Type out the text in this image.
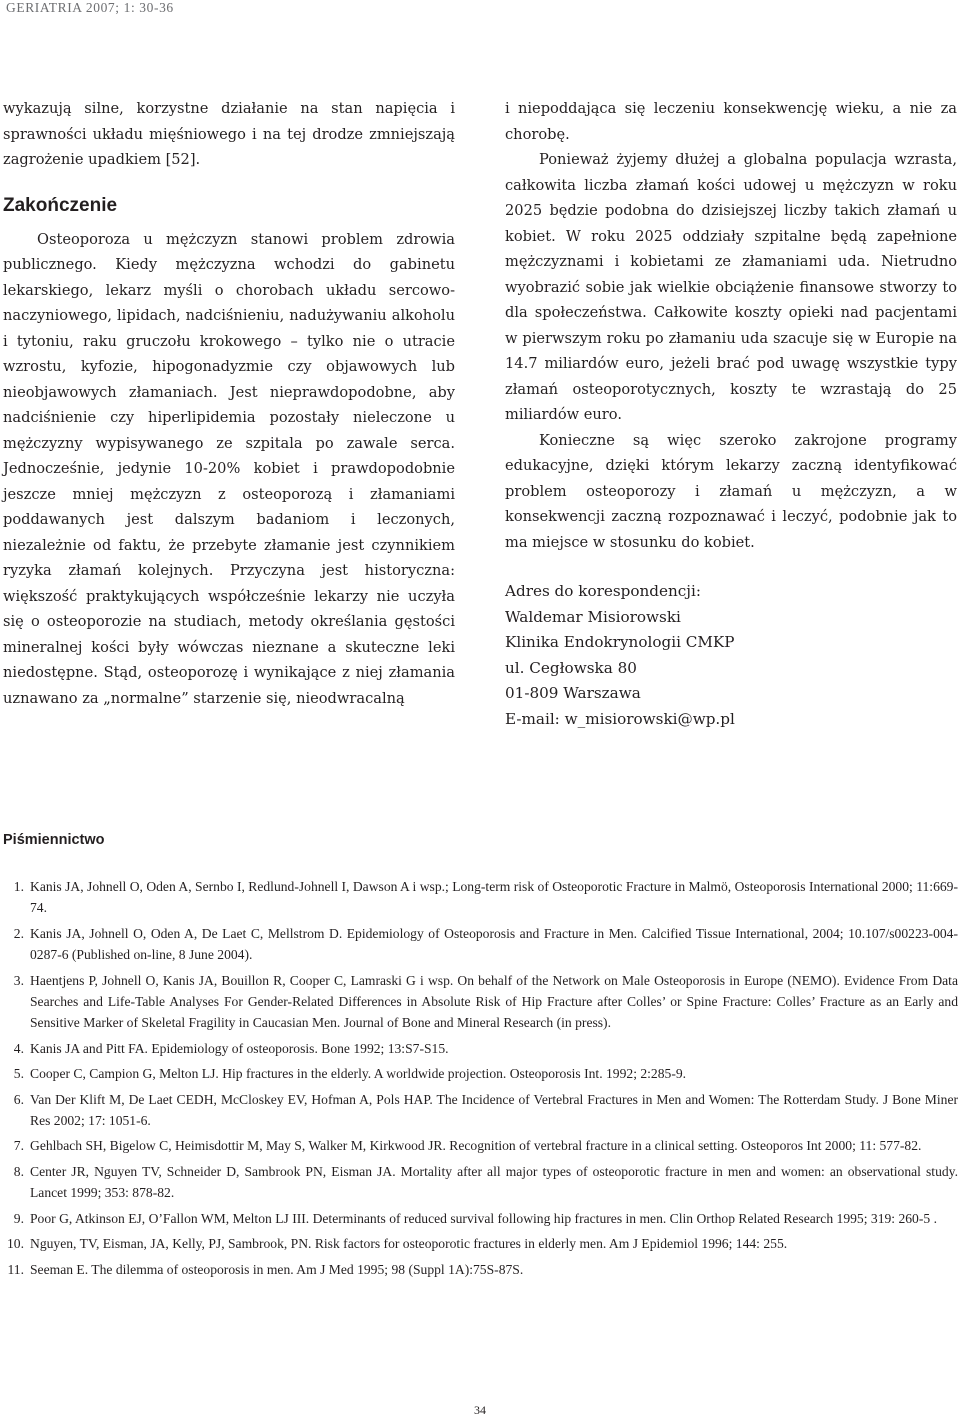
GERIATRIA 2007; 1: 30-36

wykazują silne, korzystne działanie na stan napięcia i sprawności układu mięśniowego i na tej drodze zmniejszają zagrożenie upadkiem [52].

Zakończenie

Osteoporoza u mężczyzn stanowi problem zdrowia publicznego. Kiedy mężczyzna wchodzi do gabinetu lekarskiego, lekarz myśli o chorobach układu sercowonaczyniowego, lipidach, nadciśnieniu, nadużywaniu alkoholu i tytoniu, raku gruczołu krokowego – tylko nie o utracie wzrostu, kyfozie, hipogonadyzmie czy objawowych lub nieobjawowych złamaniach. Jest nieprawdopodobne, aby nadciśnienie czy hiperlipidemia pozostały nieleczone u mężczyzny wypisywanego ze szpitala po zawale serca. Jednocześnie, jedynie 10-20% kobiet i prawdopodobnie jeszcze mniej mężczyzn z osteoporozą i złamaniami poddawanych jest dalszym badaniom i leczonych, niezależnie od faktu, że przebyte złamanie jest czynnikiem ryzyka złamań kolejnych. Przyczyna jest historyczna: większość praktykujących współcześnie lekarzy nie uczyła się o osteoporozie na studiach, metody określania gęstości mineralnej kości były wówczas nieznane a skuteczne leki niedostępne. Stąd, osteoporozę i wynikające z niej złamania uznawano za „normalne” starzenie się, nieodwracalną

i niepoddająca się leczeniu konsekwencję wieku, a nie za chorobę.

Ponieważ żyjemy dłużej a globalna populacja wzrasta, całkowita liczba złamań kości udowej u mężczyzn w roku 2025 będzie podobna do dzisiejszej liczby takich złamań u kobiet. W roku 2025 oddziały szpitalne będą zapełnione mężczyznami i kobietami ze złamaniami uda. Nietrudno wyobrazić sobie jak wielkie obciążenie finansowe stworzy to dla społeczeństwa. Całkowite koszty opieki nad pacjentami w pierwszym roku po złamaniu uda szacuje się w Europie na 14.7 miliardów euro, jeżeli brać pod uwagę wszystkie typy złamań osteoporotycznych, koszty te wzrastają do 25 miliardów euro.

Konieczne są więc szeroko zakrojone programy edukacyjne, dzięki którym lekarzy zaczną identyfikować problem osteoporozy i złamań u mężczyzn, a w konsekwencji zaczną rozpoznawać i leczyć, podobnie jak to ma miejsce w stosunku do kobiet.

Adres do korespondencji:
Waldemar Misiorowski
Klinika Endokrynologii CMKP
ul. Cegłowska 80
01-809 Warszawa
E-mail: w_misiorowski@wp.pl
Piśmiennictwo
1. Kanis JA, Johnell O, Oden A, Sernbo I, Redlund-Johnell I, Dawson A i wsp.; Long-term risk of Osteoporotic Fracture in Malmö, Osteoporosis International 2000; 11:669-74.
2. Kanis JA, Johnell O, Oden A, De Laet C, Mellstrom D. Epidemiology of Osteoporosis and Fracture in Men. Calcified Tissue International, 2004; 10.107/s00223-004-0287-6 (Published on-line, 8 June 2004).
3. Haentjens P, Johnell O, Kanis JA, Bouillon R, Cooper C, Lamraski G i wsp. On behalf of the Network on Male Osteoporosis in Europe (NEMO). Evidence From Data Searches and Life-Table Analyses For Gender-Related Differences in Absolute Risk of Hip Fracture after Colles’ or Spine Fracture: Colles’ Fracture as an Early and Sensitive Marker of Skeletal Fragility in Caucasian Men. Journal of Bone and Mineral Research (in press).
4. Kanis JA and Pitt FA. Epidemiology of osteoporosis. Bone 1992; 13:S7-S15.
5. Cooper C, Campion G, Melton LJ. Hip fractures in the elderly. A worldwide projection. Osteoporosis Int. 1992; 2:285-9.
6. Van Der Klift M, De Laet CEDH, McCloskey EV, Hofman A, Pols HAP. The Incidence of Vertebral Fractures in Men and Women: The Rotterdam Study. J Bone Miner Res 2002; 17: 1051-6.
7. Gehlbach SH, Bigelow C, Heimisdottir M, May S, Walker M, Kirkwood JR. Recognition of vertebral fracture in a clinical setting. Osteoporos Int 2000; 11: 577-82.
8. Center JR, Nguyen TV, Schneider D, Sambrook PN, Eisman JA. Mortality after all major types of osteoporotic fracture in men and women: an observational study. Lancet 1999; 353: 878-82.
9. Poor G, Atkinson EJ, O’Fallon WM, Melton LJ III. Determinants of reduced survival following hip fractures in men. Clin Orthop Related Research 1995; 319: 260-5 .
10. Nguyen, TV, Eisman, JA, Kelly, PJ, Sambrook, PN. Risk factors for osteoporotic fractures in elderly men. Am J Epidemiol 1996; 144: 255.
11. Seeman E. The dilemma of osteoporosis in men. Am J Med 1995; 98 (Suppl 1A):75S-87S.
34
